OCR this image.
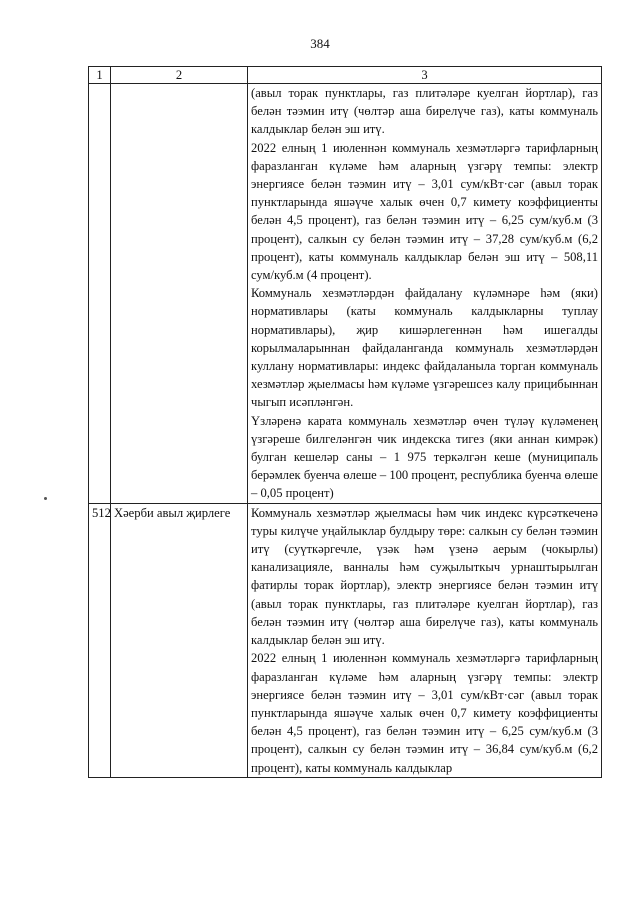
384
1	2	3

		(авыл торак пунктлары, газ плитәләре куелган йортлар), газ белән тәэмин итү (чөлтәр аша бирелүче газ), каты коммуналь калдыклар белән эш итү.

2022 елның 1 июленнән коммуналь хезмәтләргә тарифларның фаразланган күләме һәм аларның үзгәрү темпы: электр энергиясе белән тәэмин итү – 3,01 сум/кВт·сәг (авыл торак пунктларында яшәүче халык өчен 0,7 кимету коэффициенты белән 4,5 процент), газ белән тәэмин итү – 6,25 сум/куб.м (3 процент), салкын су белән тәэмин итү – 37,28 сум/куб.м (6,2 процент), каты коммуналь калдыклар белән эш итү – 508,11 сум/куб.м (4 процент).

Коммуналь хезмәтләрдән файдалану күләмнәре һәм (яки) нормативлары (каты коммуналь калдыкларны туплау нормативлары), җир кишәрлегеннән һәм ишегалды корылмаларыннан файдаланганда коммуналь хезмәтләрдән куллану нормативлары: индекс файдаланыла торган коммуналь хезмәтләр җыелмасы һәм күләме үзгәрешсез калу прицибыннан чыгып исәпләнгән.

Үзләренә карата коммуналь хезмәтләр өчен түләү күләменең үзгәреше билгеләнгән чик индекска тигез (яки аннан кимрәк) булган кешеләр саны – 1 975 теркәлгән кеше (муниципаль берәмлек буенча өлеше – 100 процент, республика буенча өлеше – 0,05 процент)

512	Хәерби авыл җирлеге	Коммуналь хезмәтләр җыелмасы һәм чик индекс күрсәткеченә туры килүче уңайлыклар булдыру төре: салкын су белән тәэмин итү (суүткәргечле, үзәк һәм үзенә аерым (чокырлы) канализацияле, ванналы һәм суҗылыткыч урнаштырылган фатирлы торак йортлар), электр энергиясе белән тәэмин итү (авыл торак пунктлары, газ плитәләре куелган йортлар), газ белән тәэмин итү (чөлтәр аша бирелүче газ), каты коммуналь калдыклар белән эш итү.

2022 елның 1 июленнән коммуналь хезмәтләргә тарифларның фаразланган күләме һәм аларның үзгәрү темпы: электр энергиясе белән тәэмин итү – 3,01 сум/кВт·сәг (авыл торак пунктларында яшәүче халык өчен 0,7 кимету коэффициенты белән 4,5 процент), газ белән тәэмин итү – 6,25 сум/куб.м (3 процент), салкын су белән тәэмин итү – 36,84 сум/куб.м (6,2 процент), каты коммуналь калдыклар
